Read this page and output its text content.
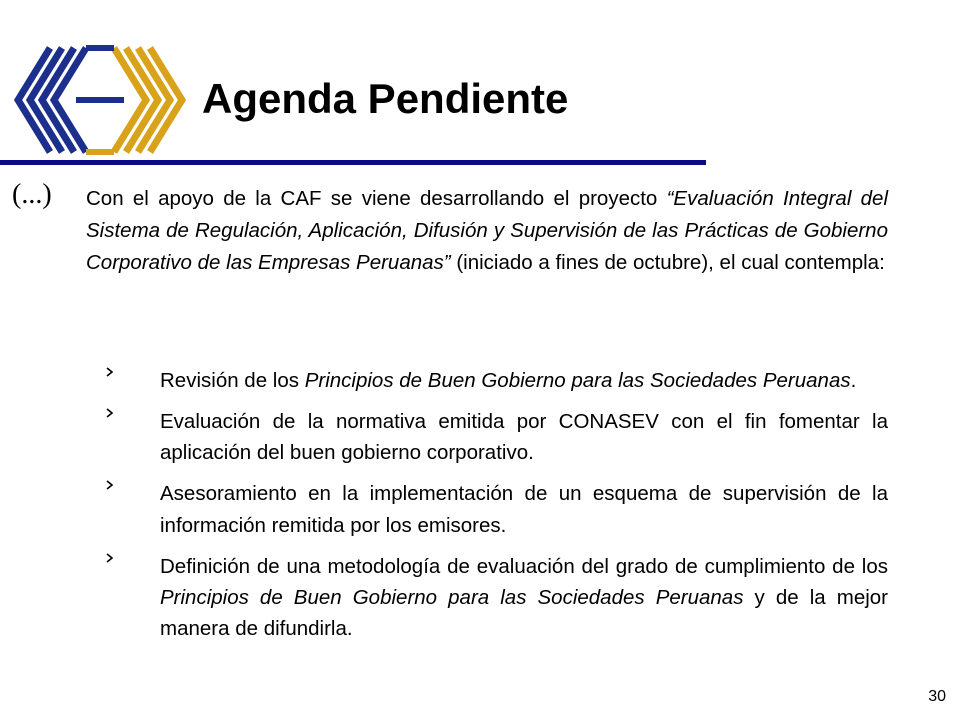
Agenda Pendiente
(...) Con el apoyo de la CAF se viene desarrollando el proyecto “Evaluación Integral del Sistema de Regulación, Aplicación, Difusión y Supervisión de las Prácticas de Gobierno Corporativo de las Empresas Peruanas” (iniciado a fines de octubre), el cual contempla:

Revisión de los Principios de Buen Gobierno para las Sociedades Peruanas.
Evaluación de la normativa emitida por CONASEV con el fin fomentar la aplicación del buen gobierno corporativo.
Asesoramiento en la implementación de un esquema de supervisión de la información remitida por los emisores.
Definición de una metodología de evaluación del grado de cumplimiento de los Principios de Buen Gobierno para las Sociedades Peruanas y de la mejor manera de difundirla.
30
